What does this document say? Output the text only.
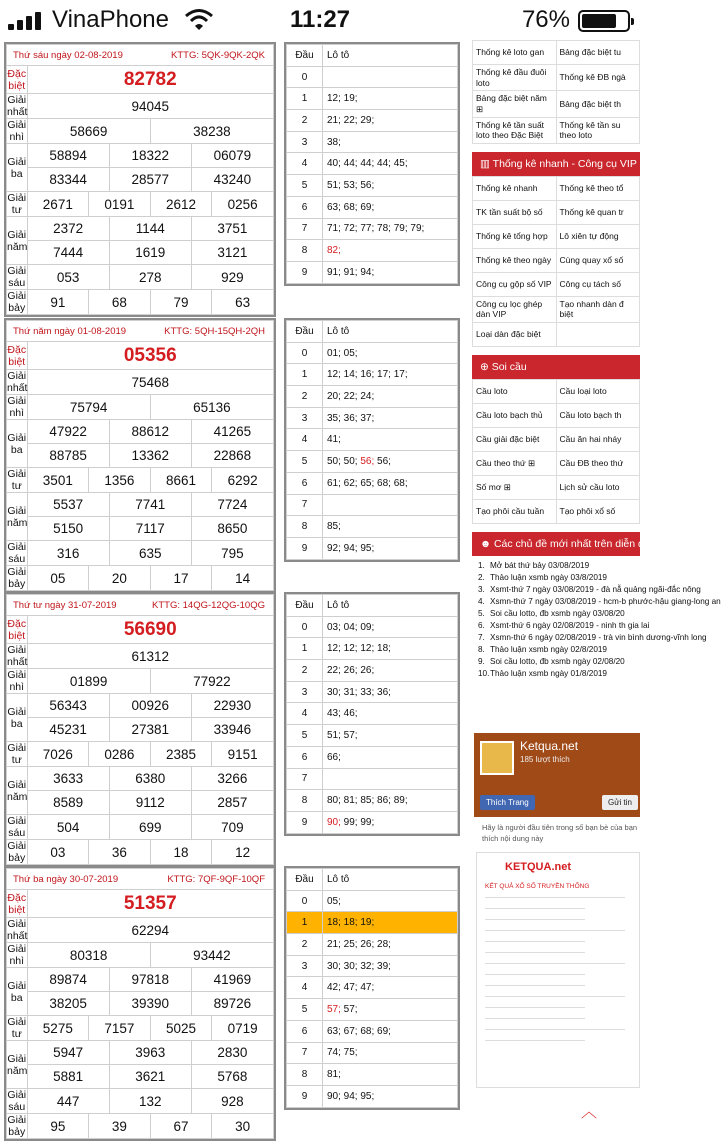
VinaPhone	11:27	76%
Thứ sáu ngày 02-08-2019 KTTG: 5QK-9QK-2QK						

Đặc biệt	82782					
Giải nhất	94045					
Giải nhì	58669			38238		
Giải ba	58894		18322		06079	
	83344		28577		43240	
Giải tư	2671	0191		2612		0256
Giải năm	2372		1144		3751	
	7444		1619		3121	
Giải sáu	053		278		929	
Giải bảy	91	68		79		63
Đầu	Lô tô
0	
1	12; 19;
2	21; 22; 29;
3	38;
4	40; 44; 44; 44; 45;
5	51; 53; 56;
6	63; 68; 69;
7	71; 72; 77; 78; 79; 79;
8	82;
9	91; 91; 94;
Thứ năm ngày 01-08-2019 KTTG: 5QH-15QH-2QH						

Đặc biệt	05356					
Giải nhất	75468					
Giải nhì	75794			65136		
Giải ba	47922		88612		41265	
	88785		13362		22868	
Giải tư	3501	1356		8661		6292
Giải năm	5537		7741		7724	
	5150		7117		8650	
Giải sáu	316		635		795	
Giải bảy	05	20		17		14
Đầu	Lô tô
0	01; 05;
1	12; 14; 16; 17; 17;
2	20; 22; 24;
3	35; 36; 37;
4	41;
5	50; 50; 56; 56;
6	61; 62; 65; 68; 68;
7	
8	85;
9	92; 94; 95;
Thứ tư ngày 31-07-2019 KTTG: 14QG-12QG-10QG						

Đặc biệt	56690					
Giải nhất	61312					
Giải nhì	01899			77922		
Giải ba	56343		00926		22930	
	45231		27381		33946	
Giải tư	7026	0286		2385		9151
Giải năm	3633		6380		3266	
	8589		9112		2857	
Giải sáu	504		699		709	
Giải bảy	03	36		18		12
Đầu	Lô tô
0	03; 04; 09;
1	12; 12; 12; 18;
2	22; 26; 26;
3	30; 31; 33; 36;
4	43; 46;
5	51; 57;
6	66;
7	
8	80; 81; 85; 86; 89;
9	90; 99; 99;
Thứ ba ngày 30-07-2019 KTTG: 7QF-9QF-10QF						

Đặc biệt	51357					
Giải nhất	62294					
Giải nhì	80318			93442		
Giải ba	89874		97818		41969	
	38205		39390		89726	
Giải tư	5275	7157		5025		0719
Giải năm	5947		3963		2830	
	5881		3621		5768	
Giải sáu	447		132		928	
Giải bảy	95	39		67		30
Đầu	Lô tô
0	05;
1	18; 18; 19;
2	21; 25; 26; 28;
3	30; 30; 32; 39;
4	42; 47; 47;
5	57; 57;
6	63; 67; 68; 69;
7	74; 75;
8	81;
9	90; 94; 95;
Thống kê loto gan	Bảng đặc biệt tu
Thống kê đầu đuôi loto	Thống kê ĐB ngà
Bảng đặc biệt năm ⊞	Bảng đặc biệt th
Thống kê tần suất loto theo Đặc Biệt	Thống kê tần su theo loto
▥ Thống kê nhanh - Công cụ VIP
Thống kê nhanh	Thống kê theo tổ
TK tần suất bộ số	Thống kê quan tr
Thống kê tổng hợp	Lô xiên tự động
Thống kê theo ngày	Cùng quay xổ số
Công cụ gộp số VIP	Công cụ tách số
Công cụ lọc ghép dàn VIP	Tạo nhanh dàn đ biệt
Loại dàn đặc biệt	
⊕ Soi cầu
Cầu loto	Cầu loại loto
Cầu loto bạch thủ	Cầu loto bạch th
Cầu giải đặc biệt	Cầu ăn hai nháy
Cầu theo thứ ⊞	Cầu ĐB theo thứ
Số mơ ⊞	Lịch sử cầu loto
Tạo phôi cầu tuần	Tạo phôi xổ số
☻ Các chủ đề mới nhất trên diễn đ
1. Mở bát thứ bảy 03/08/2019
2. Thảo luận xsmb ngày 03/8/2019
3. Xsmt-thứ 7 ngày 03/08/2019 - đà nẵ quảng ngãi-đắc nông
4. Xsmn-thứ 7 ngày 03/08/2019 - hcm-b phước-hậu giang-long an
5. Soi cầu lotto, đb xsmb ngày 03/08/20
6. Xsmt-thứ 6 ngày 02/08/2019 - ninh th gia lai
7. Xsmn-thứ 6 ngày 02/08/2019 - trà vin bình dương-vĩnh long
8. Thảo luận xsmb ngày 02/8/2019
9. Soi cầu lotto, đb xsmb ngày 02/08/20
10.Thảo luận xsmb ngày 01/8/2019
Ketqua.net
185 lượt thích
Thích Trang	Gửi tin
Hãy là người đầu tiên trong số bạn bè của bạn thích nội dung này
KETQUA.net
KẾT QUẢ XỔ SỐ TRUYỀN THỐNG
︿
